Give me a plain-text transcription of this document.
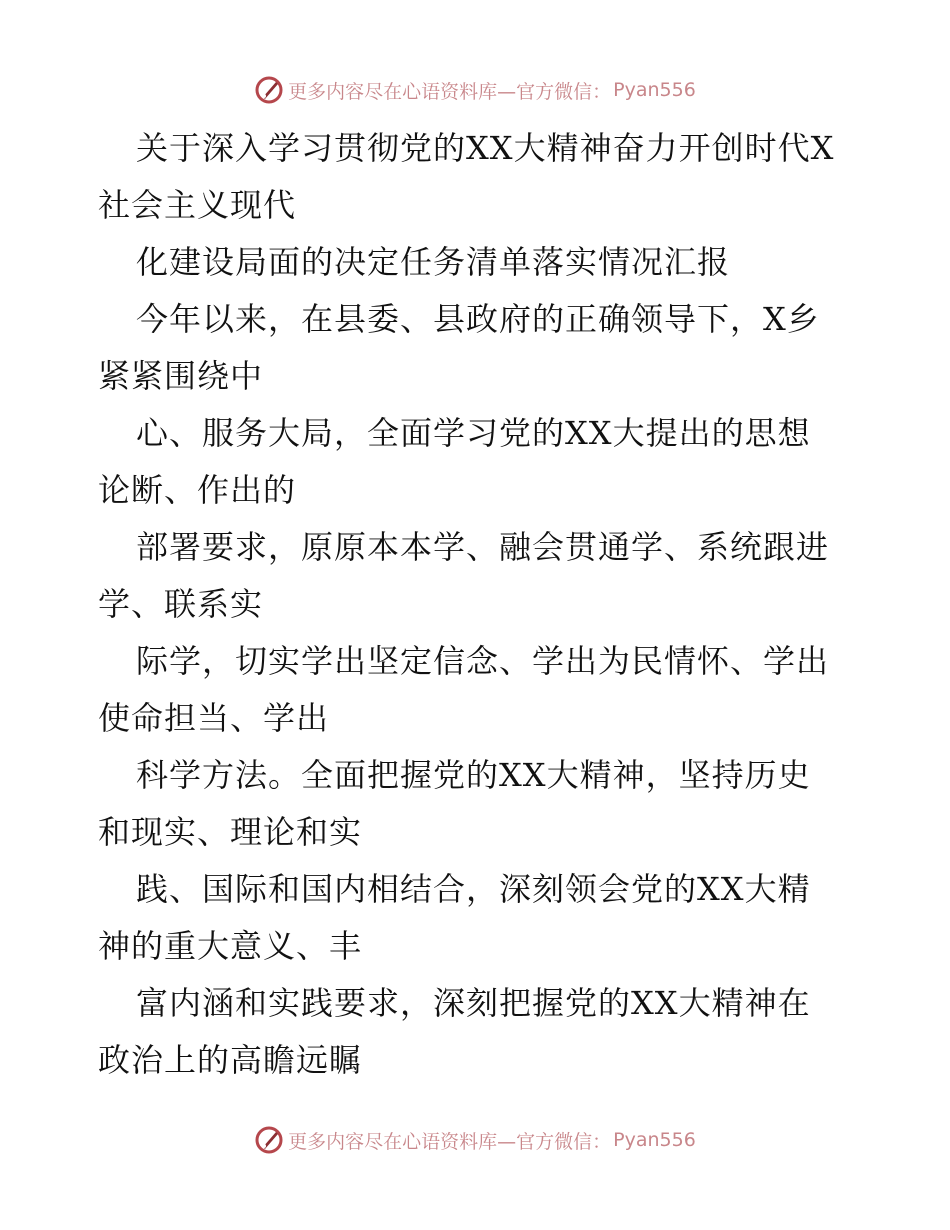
更多内容尽在心语资料库—官方微信： Pyan556
关于深入学习贯彻党的XX大精神奋力开创时代X
社会主义现代
化建设局面的决定任务清单落实情况汇报
今年以来，在县委、县政府的正确领导下，X乡
紧紧围绕中
心、服务大局，全面学习党的XX大提出的思想
论断、作出的
部署要求，原原本本学、融会贯通学、系统跟进
学、联系实
际学，切实学出坚定信念、学出为民情怀、学出
使命担当、学出
科学方法。全面把握党的XX大精神，坚持历史
和现实、理论和实
践、国际和国内相结合，深刻领会党的XX大精
神的重大意义、丰
富内涵和实践要求，深刻把握党的XX大精神在
政治上的高瞻远瞩
更多内容尽在心语资料库—官方微信： Pyan556
